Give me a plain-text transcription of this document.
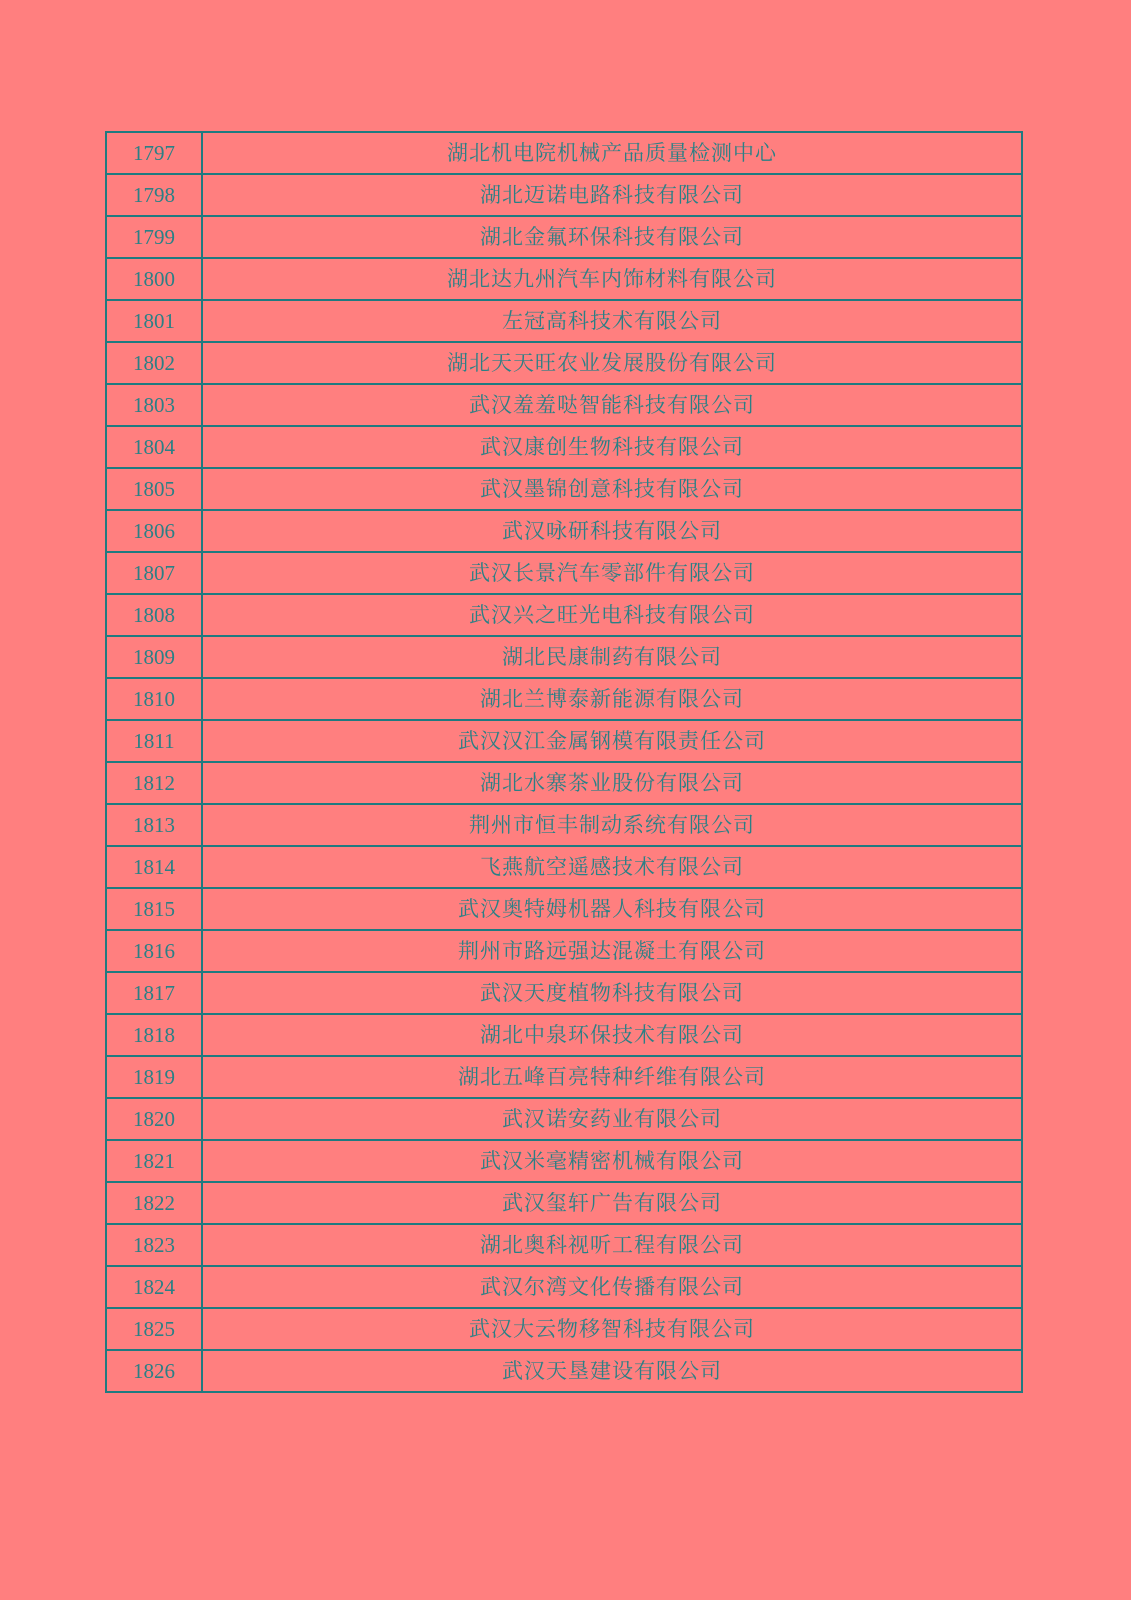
1797	湖北机电院机械产品质量检测中心
1798	湖北迈诺电路科技有限公司
1799	湖北金氟环保科技有限公司
1800	湖北达九州汽车内饰材料有限公司
1801	左冠高科技术有限公司
1802	湖北天天旺农业发展股份有限公司
1803	武汉羞羞哒智能科技有限公司
1804	武汉康创生物科技有限公司
1805	武汉墨锦创意科技有限公司
1806	武汉咏研科技有限公司
1807	武汉长景汽车零部件有限公司
1808	武汉兴之旺光电科技有限公司
1809	湖北民康制药有限公司
1810	湖北兰博泰新能源有限公司
1811	武汉汉江金属钢模有限责任公司
1812	湖北水寨茶业股份有限公司
1813	荆州市恒丰制动系统有限公司
1814	飞燕航空遥感技术有限公司
1815	武汉奥特姆机器人科技有限公司
1816	荆州市路远强达混凝土有限公司
1817	武汉天度植物科技有限公司
1818	湖北中泉环保技术有限公司
1819	湖北五峰百亮特种纤维有限公司
1820	武汉诺安药业有限公司
1821	武汉米毫精密机械有限公司
1822	武汉玺轩广告有限公司
1823	湖北奥科视听工程有限公司
1824	武汉尔湾文化传播有限公司
1825	武汉大云物移智科技有限公司
1826	武汉天垦建设有限公司
